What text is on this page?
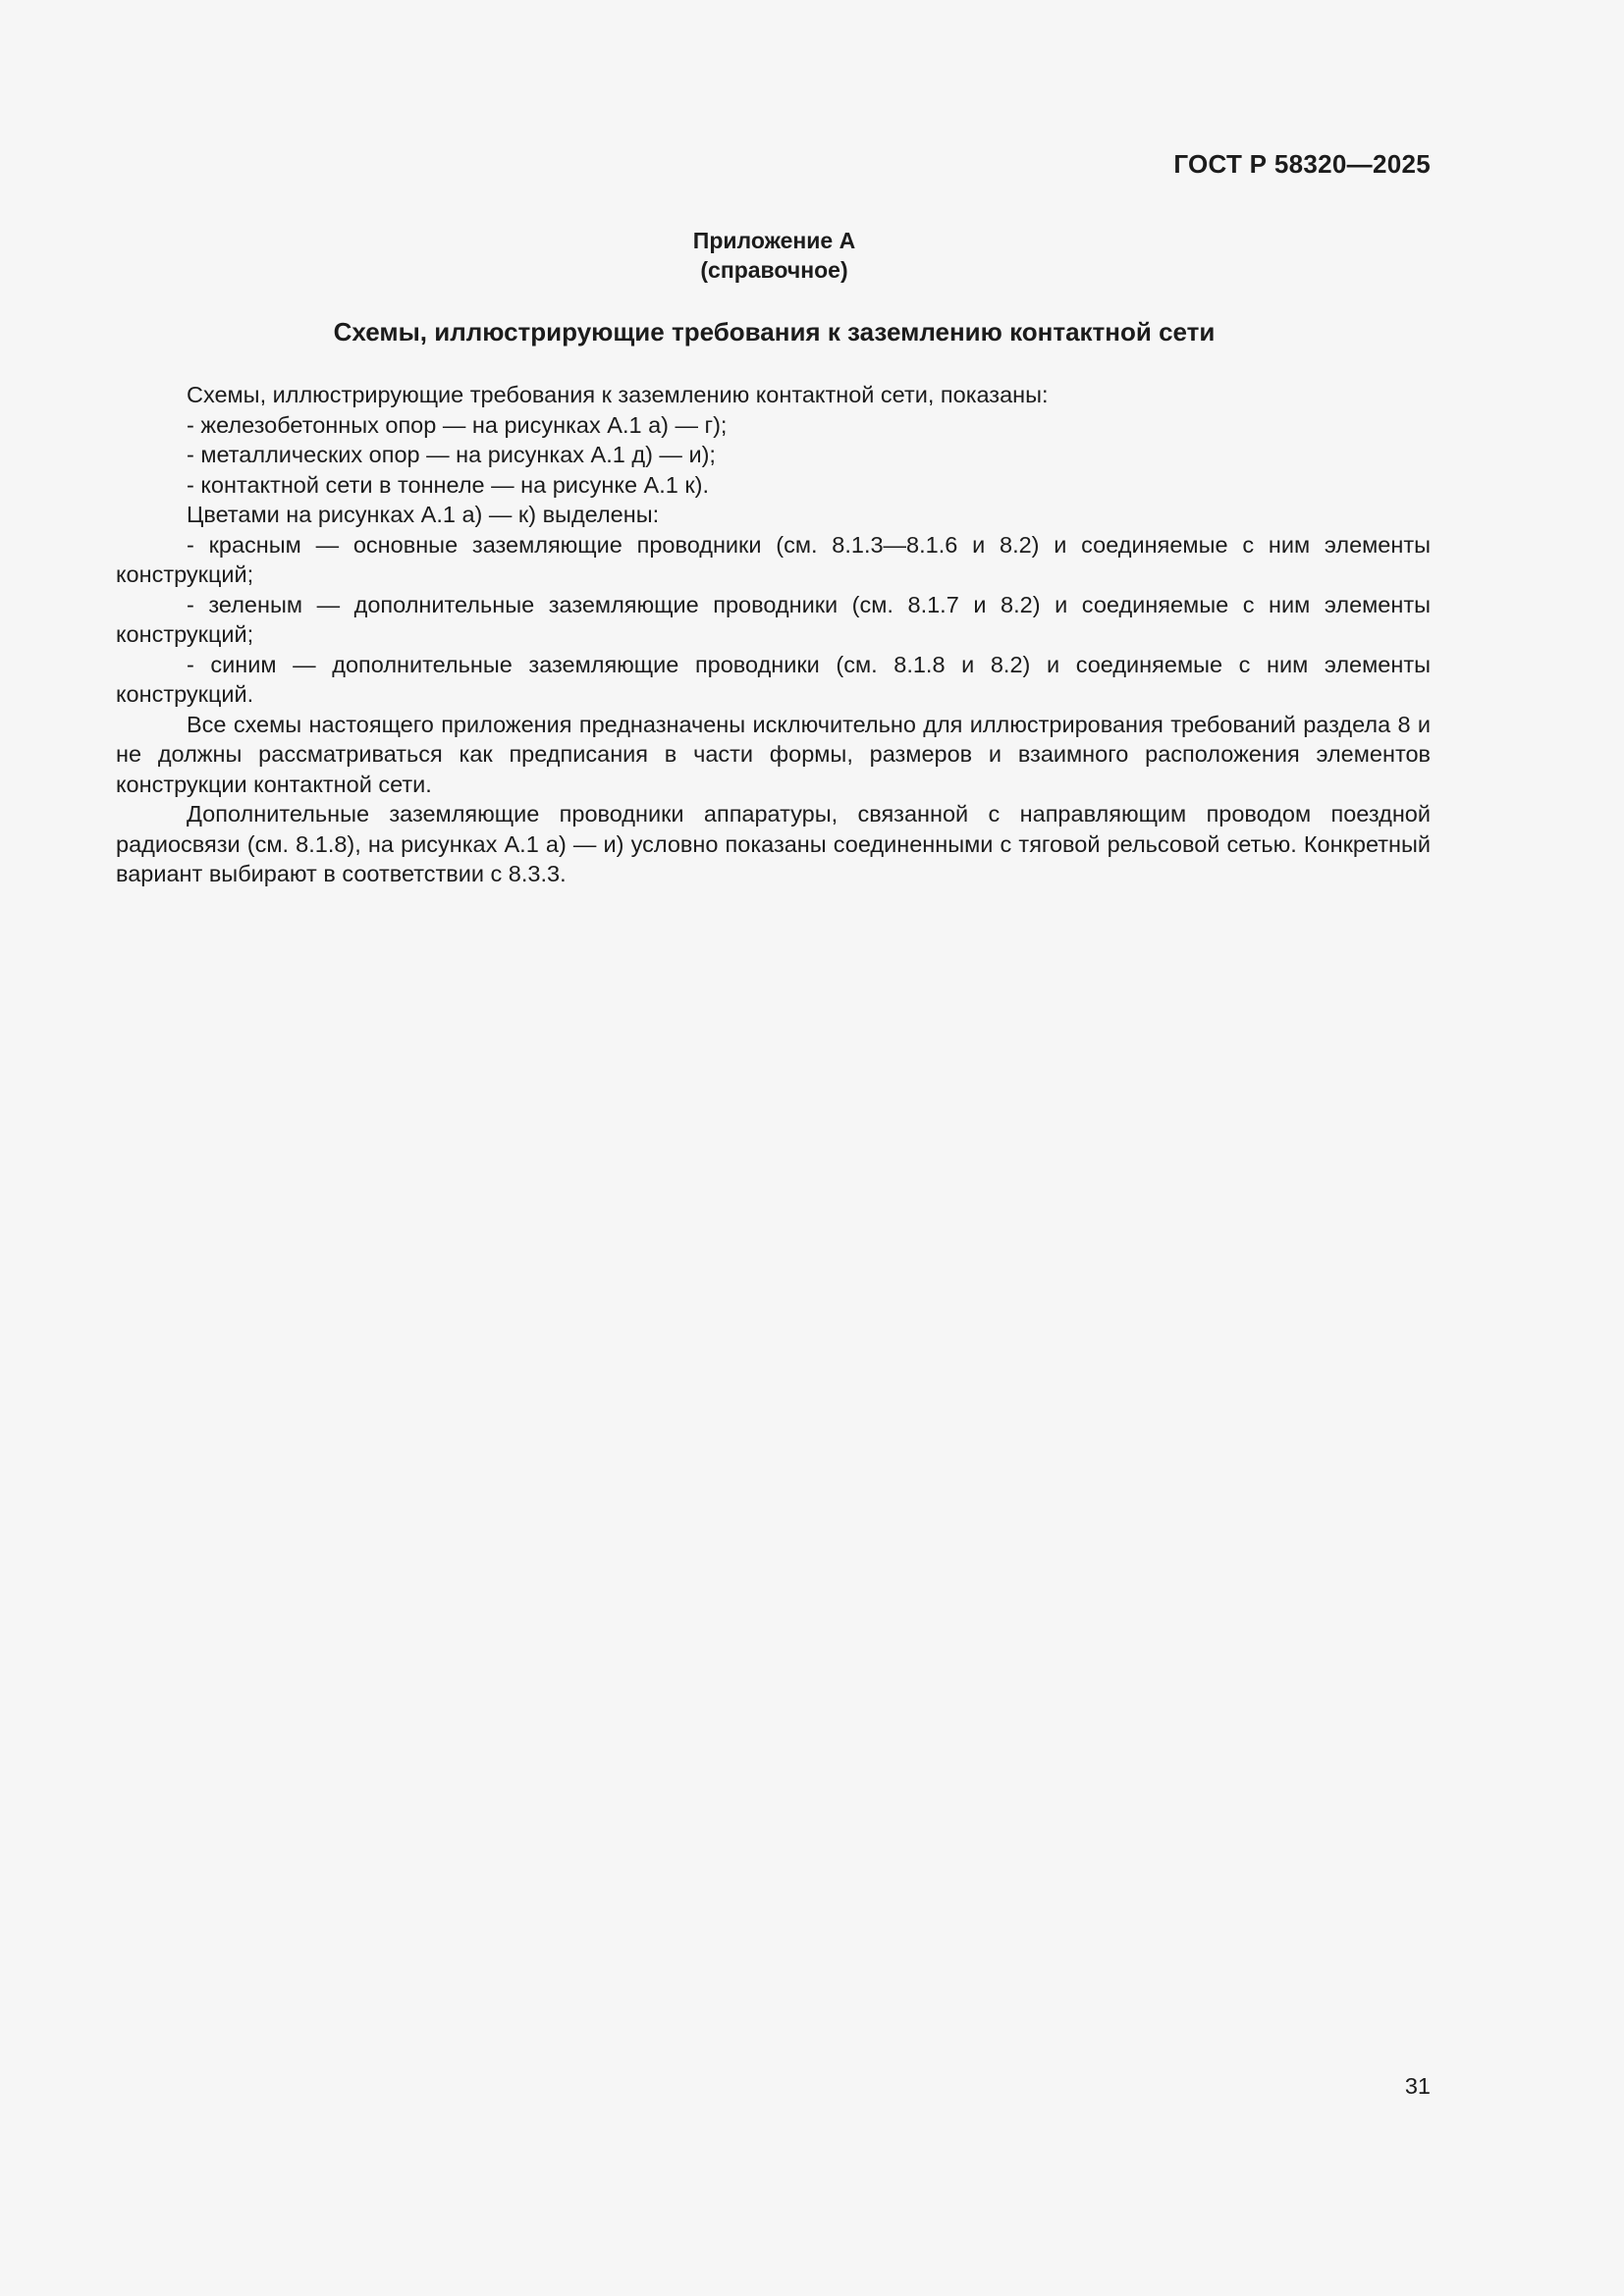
ГОСТ Р 58320—2025
Приложение А
(справочное)
Схемы, иллюстрирующие требования к заземлению контактной сети

Схемы, иллюстрирующие требования к заземлению контактной сети, показаны:

- железобетонных опор — на рисунках А.1 а) — г);

- металлических опор — на рисунках А.1 д) — и);

- контактной сети в тоннеле — на рисунке А.1 к).

Цветами на рисунках А.1 а) — к) выделены:

- красным — основные заземляющие проводники (см. 8.1.3—8.1.6 и 8.2) и соединяемые с ним элементы конструкций;

- зеленым — дополнительные заземляющие проводники (см. 8.1.7 и 8.2) и соединяемые с ним элементы конструкций;

- синим — дополнительные заземляющие проводники (см. 8.1.8 и 8.2) и соединяемые с ним элементы конструкций.

Все схемы настоящего приложения предназначены исключительно для иллюстрирования требований раздела 8 и не должны рассматриваться как предписания в части формы, размеров и взаимного расположения элементов конструкции контактной сети.

Дополнительные заземляющие проводники аппаратуры, связанной с направляющим проводом поездной радиосвязи (см. 8.1.8), на рисунках А.1 а) — и) условно показаны соединенными с тяговой рельсовой сетью. Конкретный вариант выбирают в соответствии с 8.3.3.

31
